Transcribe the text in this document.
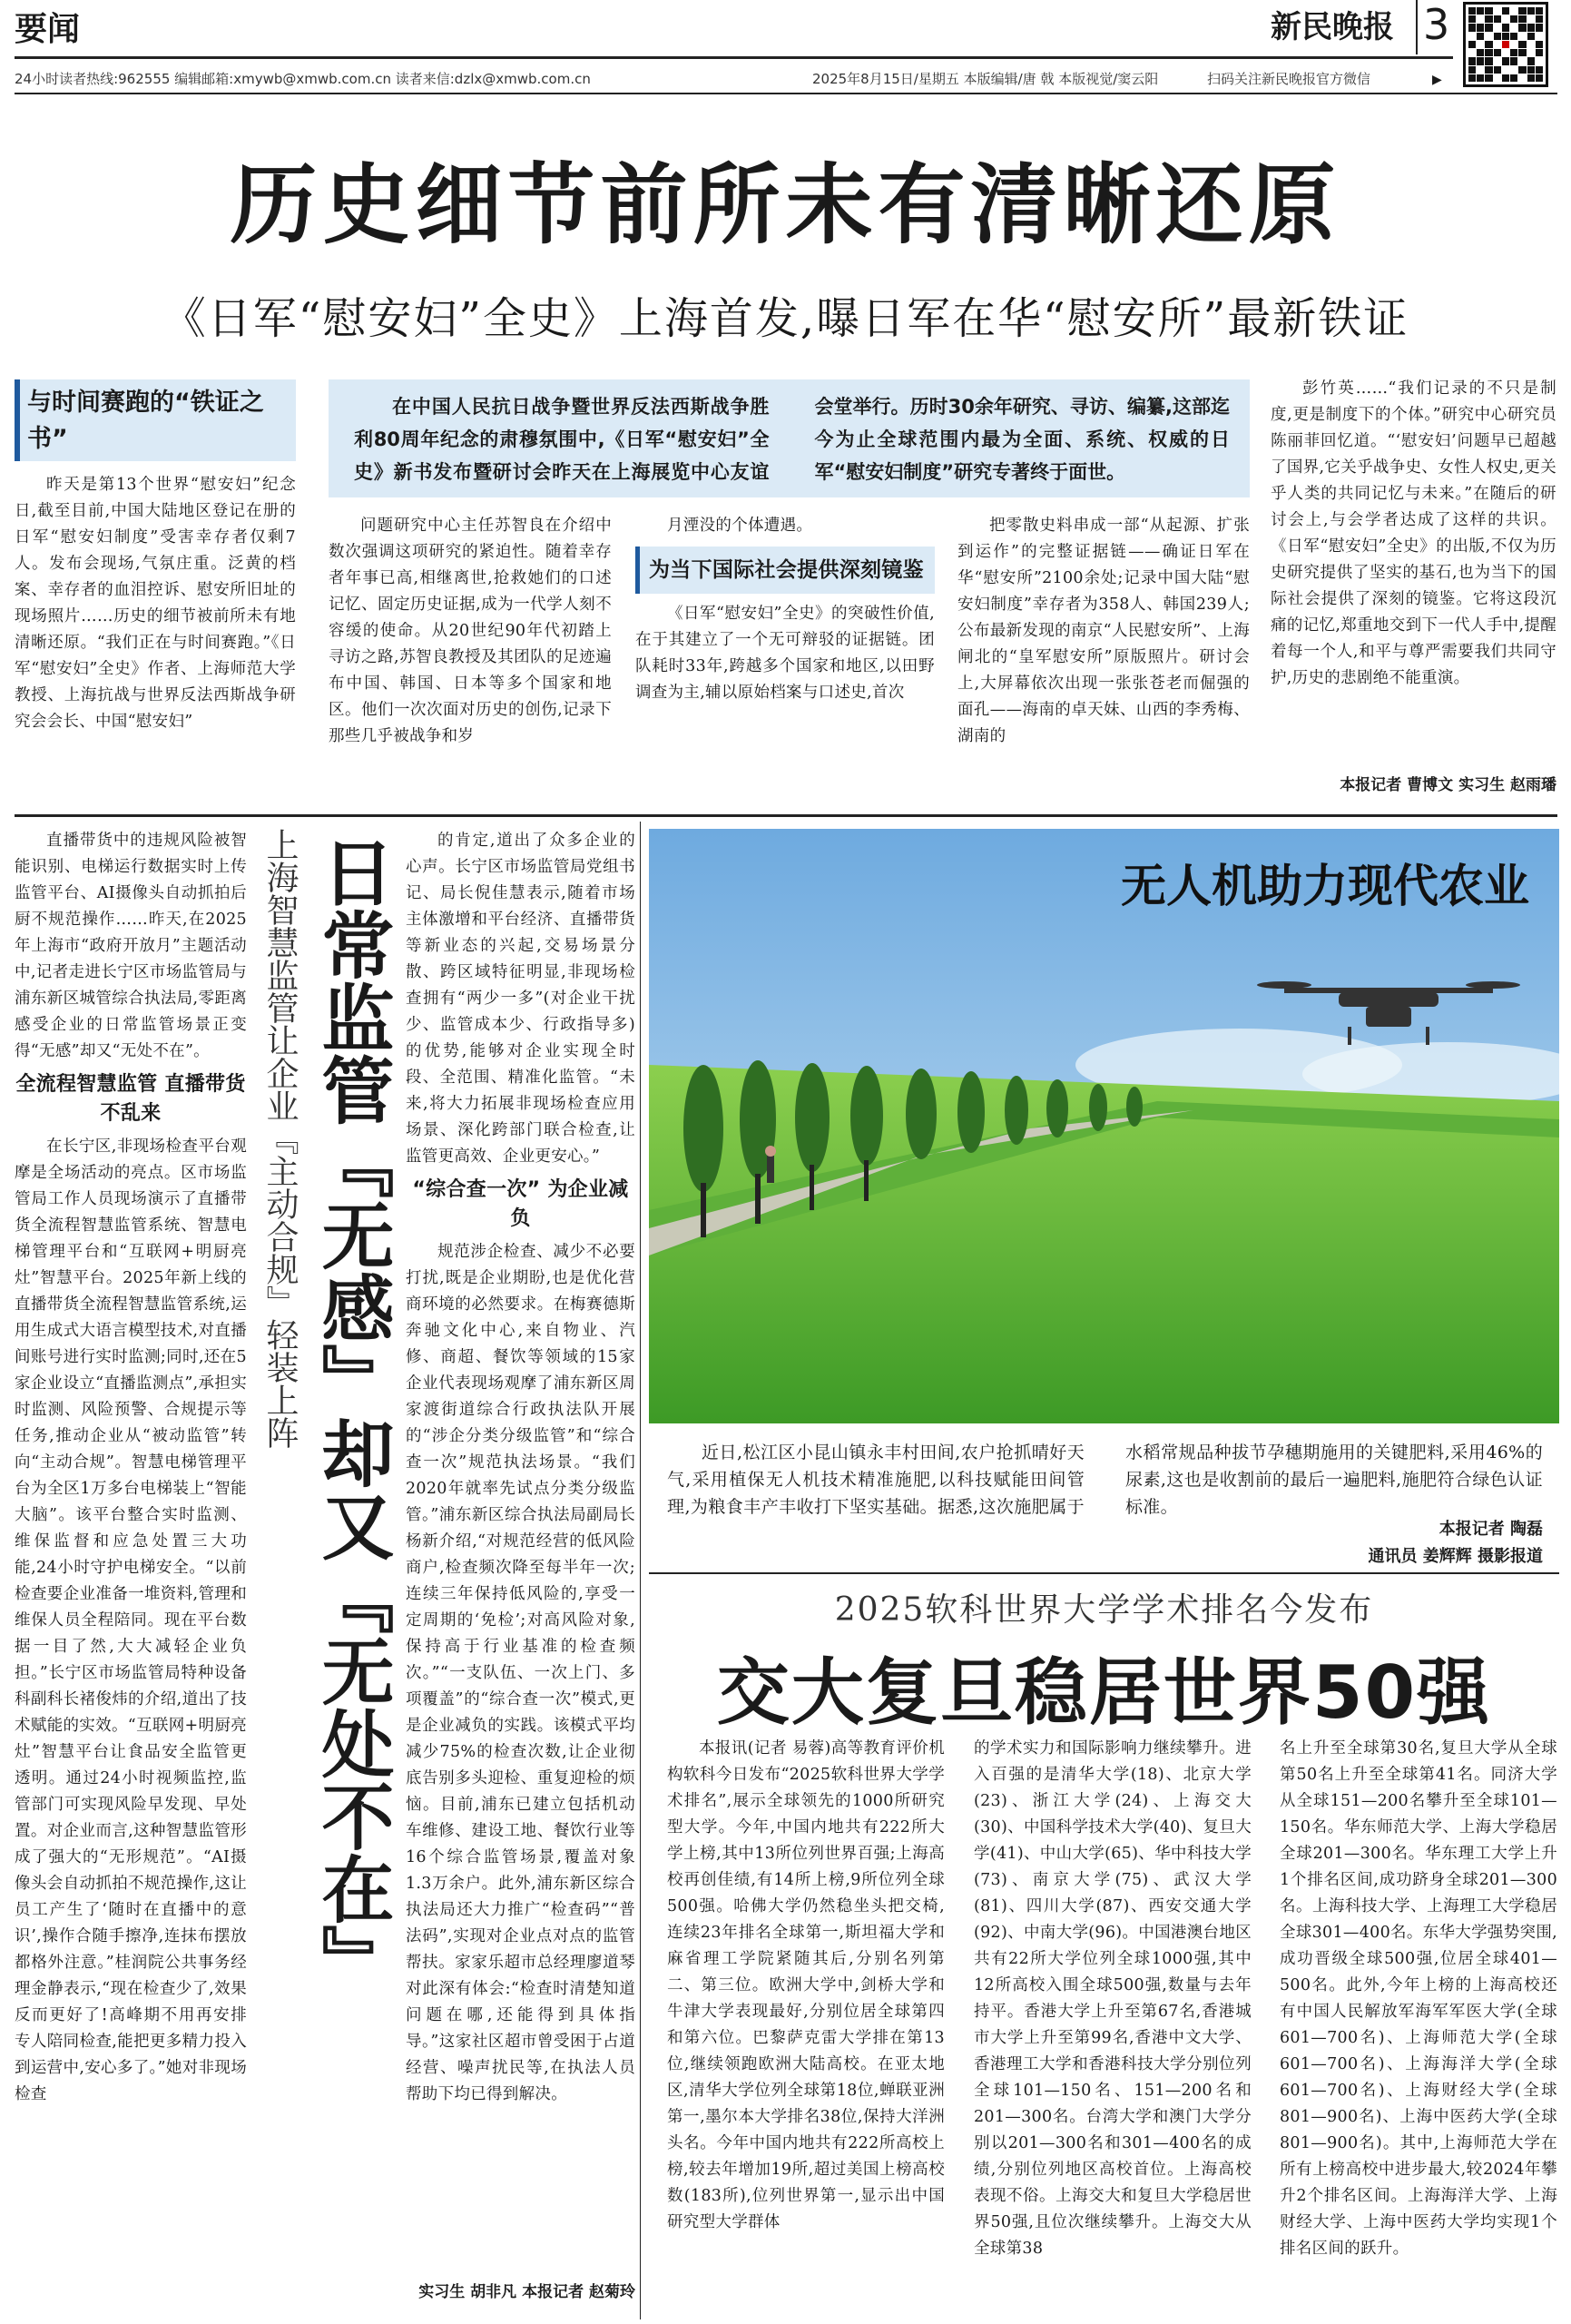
要闻	新民晚报 3
24小时读者热线:962555 编辑邮箱:xmywb@xmwb.com.cn 读者来信:dzlx@xmwb.com.cn	2025年8月15日/星期五 本版编辑/唐 戟 本版视觉/窦云阳	扫码关注新民晚报官方微信	▶
历史细节前所未有清晰还原
《日军“慰安妇”全史》上海首发,曝日军在华“慰安所”最新铁证
与时间赛跑的“铁证之书”

昨天是第13个世界“慰安妇”纪念日,截至目前,中国大陆地区登记在册的日军“慰安妇制度”受害幸存者仅剩7人。发布会现场,气氛庄重。泛黄的档案、幸存者的血泪控诉、慰安所旧址的现场照片……历史的细节被前所未有地清晰还原。“我们正在与时间赛跑。”《日军“慰安妇”全史》作者、上海师范大学教授、上海抗战与世界反法西斯战争研究会会长、中国“慰安妇”

在中国人民抗日战争暨世界反法西斯战争胜利80周年纪念的肃穆氛围中,《日军“慰安妇”全史》新书发布暨研讨会昨天在上海展览中心友谊会堂举行。历时30余年研究、寻访、编纂,这部迄今为止全球范围内最为全面、系统、权威的日军“慰安妇制度”研究专著终于面世。

问题研究中心主任苏智良在介绍中数次强调这项研究的紧迫性。随着幸存者年事已高,相继离世,抢救她们的口述记忆、固定历史证据,成为一代学人刻不容缓的使命。从20世纪90年代初踏上寻访之路,苏智良教授及其团队的足迹遍布中国、韩国、日本等多个国家和地区。他们一次次面对历史的创伤,记录下那些几乎被战争和岁

月湮没的个体遭遇。

为当下国际社会提供深刻镜鉴

《日军“慰安妇”全史》的突破性价值,在于其建立了一个无可辩驳的证据链。团队耗时33年,跨越多个国家和地区,以田野调查为主,辅以原始档案与口述史,首次

把零散史料串成一部“从起源、扩张到运作”的完整证据链——确证日军在华“慰安所”2100余处;记录中国大陆“慰安妇制度”幸存者为358人、韩国239人;公布最新发现的南京“人民慰安所”、上海闸北的“皇军慰安所”原版照片。研讨会上,大屏幕依次出现一张张苍老而倔强的面孔——海南的卓天妹、山西的李秀梅、湖南的

彭竹英……“我们记录的不只是制度,更是制度下的个体。”研究中心研究员陈丽菲回忆道。“‘慰安妇’问题早已超越了国界,它关乎战争史、女性人权史,更关乎人类的共同记忆与未来。”在随后的研讨会上,与会学者达成了这样的共识。《日军“慰安妇”全史》的出版,不仅为历史研究提供了坚实的基石,也为当下的国际社会提供了深刻的镜鉴。它将这段沉痛的记忆,郑重地交到下一代人手中,提醒着每一个人,和平与尊严需要我们共同守护,历史的悲剧绝不能重演。

本报记者 曹博文 实习生 赵雨璠

直播带货中的违规风险被智能识别、电梯运行数据实时上传监管平台、AI摄像头自动抓拍后厨不规范操作……昨天,在2025年上海市“政府开放月”主题活动中,记者走进长宁区市场监管局与浦东新区城管综合执法局,零距离感受企业的日常监管场景正变得“无感”却又“无处不在”。

全流程智慧监管 直播带货不乱来

在长宁区,非现场检查平台观摩是全场活动的亮点。区市场监管局工作人员现场演示了直播带货全流程智慧监管系统、智慧电梯管理平台和“互联网+明厨亮灶”智慧平台。2025年新上线的直播带货全流程智慧监管系统,运用生成式大语言模型技术,对直播间账号进行实时监测;同时,还在5家企业设立“直播监测点”,承担实时监测、风险预警、合规提示等任务,推动企业从“被动监管”转向“主动合规”。智慧电梯管理平台为全区1万多台电梯装上“智能大脑”。该平台整合实时监测、维保监督和应急处置三大功能,24小时守护电梯安全。“以前检查要企业准备一堆资料,管理和维保人员全程陪同。现在平台数据一目了然,大大减轻企业负担。”长宁区市场监管局特种设备科副科长褚俊炜的介绍,道出了技术赋能的实效。“互联网+明厨亮灶”智慧平台让食品安全监管更透明。通过24小时视频监控,监管部门可实现风险早发现、早处置。对企业而言,这种智慧监管形成了强大的“无形规范”。“AI摄像头会自动抓拍不规范操作,这让员工产生了‘随时在直播中的意识’,操作合随手擦净,连抹布摆放都格外注意。”桂润院公共事务经理金静表示,“现在检查少了,效果反而更好了!高峰期不用再安排专人陪同检查,能把更多精力投入到运营中,安心多了。”她对非现场检查

上海智慧监管让企业『主动合规』轻装上阵 日常监管『无感』却又『无处不在』	的肯定,道出了众多企业的心声。长宁区市场监管局党组书记、局长倪佳慧表示,随着市场主体激增和平台经济、直播带货等新业态的兴起,交易场景分散、跨区域特征明显,非现场检查拥有“两少一多”(对企业干扰少、监管成本少、行政指导多)的优势,能够对企业实现全时段、全范围、精准化监管。“未来,将大力拓展非现场检查应用场景、深化跨部门联合检查,让监管更高效、企业更安心。”

“综合查一次” 为企业减负

规范涉企检查、减少不必要打扰,既是企业期盼,也是优化营商环境的必然要求。在梅赛德斯奔驰文化中心,来自物业、汽修、商超、餐饮等领域的15家企业代表现场观摩了浦东新区周家渡街道综合行政执法队开展的“涉企分类分级监管”和“综合查一次”规范执法场景。“我们2020年就率先试点分类分级监管。”浦东新区综合执法局副局长杨新介绍,“对规范经营的低风险商户,检查频次降至每半年一次;连续三年保持低风险的,享受一定周期的‘免检’;对高风险对象,保持高于行业基准的检查频次。”“一支队伍、一次上门、多项覆盖”的“综合查一次”模式,更是企业减负的实践。该模式平均减少75%的检查次数,让企业彻底告别多头迎检、重复迎检的烦恼。目前,浦东已建立包括机动车维修、建设工地、餐饮行业等16个综合监管场景,覆盖对象1.3万余户。此外,浦东新区综合执法局还大力推广“检查码”“普法码”,实现对企业点对点的监管帮扶。家家乐超市总经理廖道琴对此深有体会:“检查时清楚知道问题在哪,还能得到具体指导。”这家社区超市曾受困于占道经营、噪声扰民等,在执法人员帮助下均已得到解决。

实习生 胡非凡 本报记者 赵菊玲
无人机助力现代农业

近日,松江区小昆山镇永丰村田间,农户抢抓晴好天气,采用植保无人机技术精准施肥,以科技赋能田间管理,为粮食丰产丰收打下坚实基础。据悉,这次施肥属于水稻常规品种拔节孕穗期施用的关键肥料,采用46%的尿素,这也是收割前的最后一遍肥料,施肥符合绿色认证标准。

本报记者 陶磊
通讯员 姜辉辉 摄影报道
2025软科世界大学学术排名今发布
交大复旦稳居世界50强

本报讯(记者 易蓉)高等教育评价机构软科今日发布“2025软科世界大学学术排名”,展示全球领先的1000所研究型大学。今年,中国内地共有222所大学上榜,其中13所位列世界百强;上海高校再创佳绩,有14所上榜,9所位列全球500强。哈佛大学仍然稳坐头把交椅,连续23年排名全球第一,斯坦福大学和麻省理工学院紧随其后,分别名列第二、第三位。欧洲大学中,剑桥大学和牛津大学表现最好,分别位居全球第四和第六位。巴黎萨克雷大学排在第13位,继续领跑欧洲大陆高校。在亚太地区,清华大学位列全球第18位,蝉联亚洲第一,墨尔本大学排名38位,保持大洋洲头名。今年中国内地共有222所高校上榜,较去年增加19所,超过美国上榜高校数(183所),位列世界第一,显示出中国研究型大学群体

的学术实力和国际影响力继续攀升。进入百强的是清华大学(18)、北京大学(23)、浙江大学(24)、上海交大(30)、中国科学技术大学(40)、复旦大学(41)、中山大学(65)、华中科技大学(73)、南京大学(75)、武汉大学(81)、四川大学(87)、西安交通大学(92)、中南大学(96)。中国港澳台地区共有22所大学位列全球1000强,其中12所高校入围全球500强,数量与去年持平。香港大学上升至第67名,香港城市大学上升至第99名,香港中文大学、香港理工大学和香港科技大学分别位列全球101—150名、151—200名和201—300名。台湾大学和澳门大学分别以201—300名和301—400名的成绩,分别位列地区高校首位。上海高校表现不俗。上海交大和复旦大学稳居世界50强,且位次继续攀升。上海交大从全球第38

名上升至全球第30名,复旦大学从全球第50名上升至全球第41名。同济大学从全球151—200名攀升至全球101—150名。华东师范大学、上海大学稳居全球201—300名。华东理工大学上升1个排名区间,成功跻身全球201—300名。上海科技大学、上海理工大学稳居全球301—400名。东华大学强势突围,成功晋级全球500强,位居全球401—500名。此外,今年上榜的上海高校还有中国人民解放军海军军医大学(全球601—700名)、上海师范大学(全球601—700名)、上海海洋大学(全球601—700名)、上海财经大学(全球801—900名)、上海中医药大学(全球801—900名)。其中,上海师范大学在所有上榜高校中进步最大,较2024年攀升2个排名区间。上海海洋大学、上海财经大学、上海中医药大学均实现1个排名区间的跃升。
